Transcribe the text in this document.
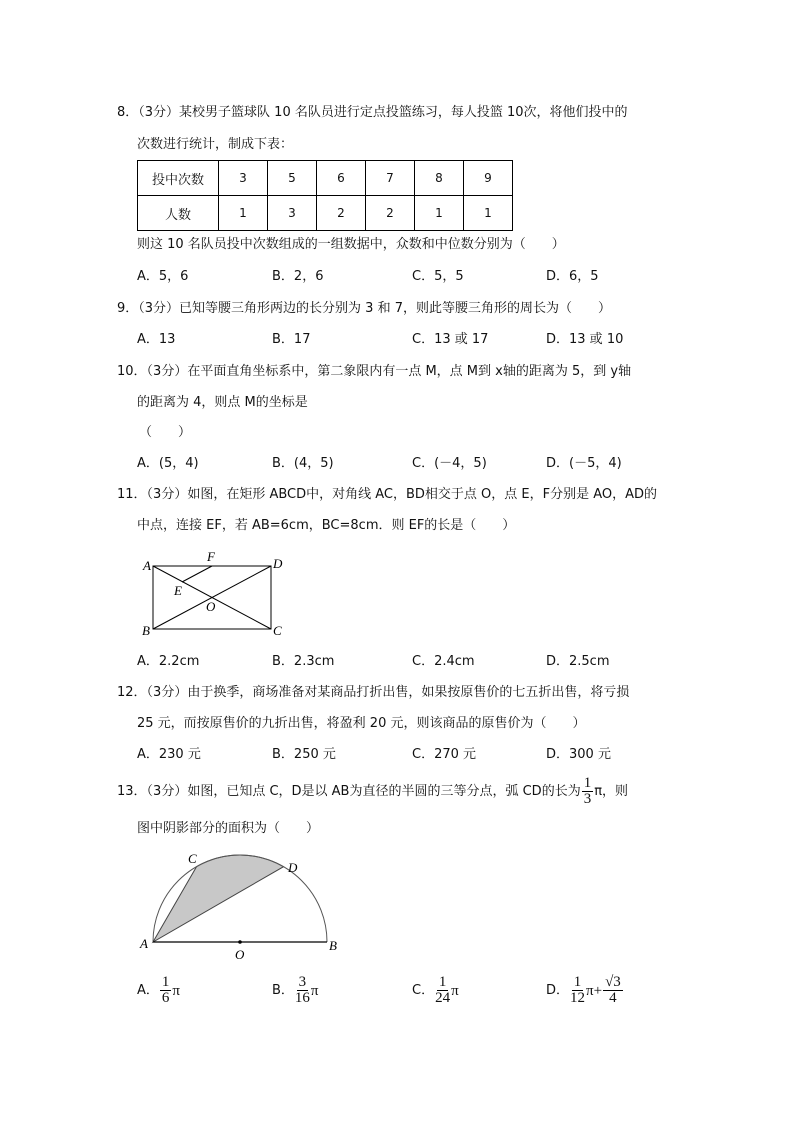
8．（3分）某校男子篮球队 10 名队员进行定点投篮练习，每人投篮 10次，将他们投中的
次数进行统计，制成下表：
投中次数	3	5	6	7	8	9
人数	1	3	2	2	1	1
则这 10 名队员投中次数组成的一组数据中，众数和中位数分别为（　　）
A．5，6	B．2，6	C．5，5	D．6，5
9．（3分）已知等腰三角形两边的长分别为 3 和 7，则此等腰三角形的周长为（　　）
A．13	B．17	C．13 或 17	D．13 或 10
10．（3分）在平面直角坐标系中，第二象限内有一点 M，点 M到 x轴的距离为 5，到 y轴
的距离为 4，则点 M的坐标是
（　　）
A．(5，4)	B．(4，5)	C．(－4，5)	D．(－5，4)
11．（3分）如图，在矩形 ABCD中，对角线 AC，BD相交于点 O，点 E，F分别是 AO，AD的
中点，连接 EF，若 AB=6cm，BC=8cm．则 EF的长是（　　）
A
F	D
E
O
B	C
A．2.2cm	B．2.3cm	C．2.4cm	D．2.5cm
12．（3分）由于换季，商场准备对某商品打折出售，如果按原售价的七五折出售，将亏损
25 元，而按原售价的九折出售，将盈利 20 元，则该商品的原售价为（　　）
A．230 元	B．250 元	C．270 元	D．300 元
13．（3分）如图，已知点 C，D是以 AB为直径的半圆的三等分点，弧 CD的长为 $\frac{1}{3}$ π，则
图中阴影部分的面积为（　　）
C
D
A	B
O
A． $\frac{1}{6}$ π	B． $\frac{3}{16}$ π	C． $\frac{1}{24}$ π	D． $\frac{1}{12} \pi+ \frac{√3}{4}$
